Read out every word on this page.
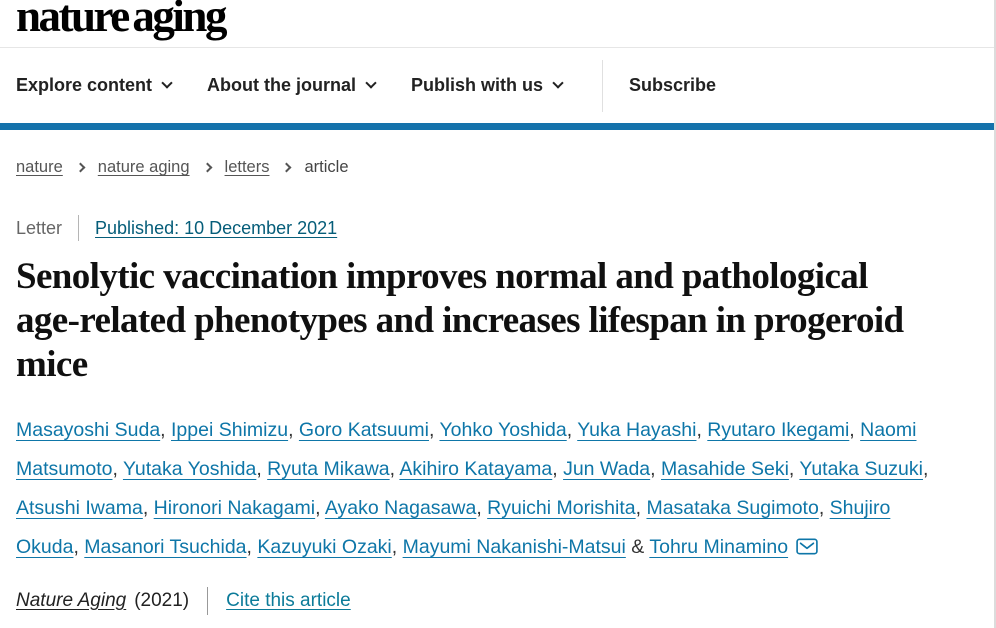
nature aging
Explore content	About the journal	Publish with us	Subscribe
nature nature aging letters article
Letter Published: 10 December 2021
Senolytic vaccination improves normal and pathological age-related phenotypes and increases lifespan in progeroid mice

Masayoshi Suda, Ippei Shimizu, Goro Katsuumi, Yohko Yoshida, Yuka Hayashi, Ryutaro Ikegami, Naomi Matsumoto, Yutaka Yoshida, Ryuta Mikawa, Akihiro Katayama, Jun Wada, Masahide Seki, Yutaka Suzuki, Atsushi Iwama, Hironori Nakagami, Ayako Nagasawa, Ryuichi Morishita, Masataka Sugimoto, Shujiro Okuda, Masanori Tsuchida, Kazuyuki Ozaki, Mayumi Nakanishi-Matsui & Tohru Minamino

Nature Aging (2021) Cite this article
